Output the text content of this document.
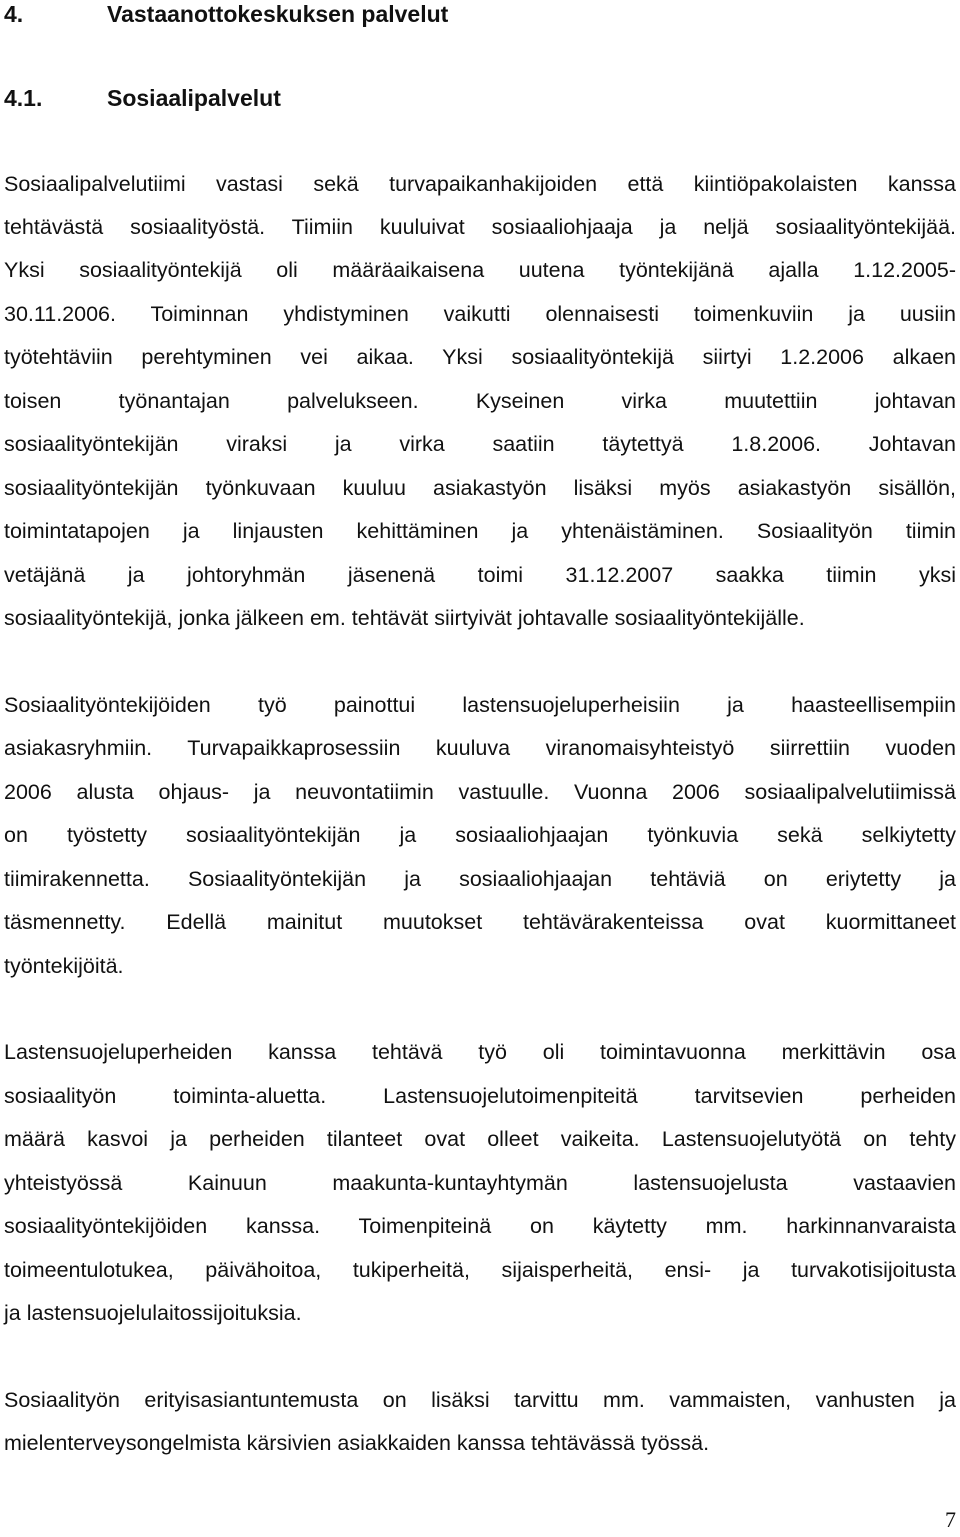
4.	Vastaanottokeskuksen palvelut
4.1.	Sosiaalipalvelut

Sosiaalipalvelutiimi vastasi sekä turvapaikanhakijoiden että kiintiöpakolaisten kanssa

tehtävästä sosiaalityöstä. Tiimiin kuuluivat sosiaaliohjaaja ja neljä sosiaalityöntekijää.

Yksi sosiaalityöntekijä oli määräaikaisena uutena työntekijänä ajalla 1.12.2005-

30.11.2006. Toiminnan yhdistyminen vaikutti olennaisesti toimenkuviin ja uusiin

työtehtäviin perehtyminen vei aikaa. Yksi sosiaalityöntekijä siirtyi 1.2.2006 alkaen

toisen työnantajan palvelukseen. Kyseinen virka muutettiin johtavan

sosiaalityöntekijän viraksi ja virka saatiin täytettyä 1.8.2006. Johtavan

sosiaalityöntekijän työnkuvaan kuuluu asiakastyön lisäksi myös asiakastyön sisällön,

toimintatapojen ja linjausten kehittäminen ja yhtenäistäminen. Sosiaalityön tiimin

vetäjänä ja johtoryhmän jäsenenä toimi 31.12.2007 saakka tiimin yksi

sosiaalityöntekijä, jonka jälkeen em. tehtävät siirtyivät johtavalle sosiaalityöntekijälle.

Sosiaalityöntekijöiden työ painottui lastensuojeluperheisiin ja haasteellisempiin

asiakasryhmiin. Turvapaikkaprosessiin kuuluva viranomaisyhteistyö siirrettiin vuoden

2006 alusta ohjaus- ja neuvontatiimin vastuulle. Vuonna 2006 sosiaalipalvelutiimissä

on työstetty sosiaalityöntekijän ja sosiaaliohjaajan työnkuvia sekä selkiytetty

tiimirakennetta. Sosiaalityöntekijän ja sosiaaliohjaajan tehtäviä on eriytetty ja

täsmennetty. Edellä mainitut muutokset tehtävärakenteissa ovat kuormittaneet

työntekijöitä.

Lastensuojeluperheiden kanssa tehtävä työ oli toimintavuonna merkittävin osa

sosiaalityön toiminta-aluetta. Lastensuojelutoimenpiteitä tarvitsevien perheiden

määrä kasvoi ja perheiden tilanteet ovat olleet vaikeita. Lastensuojelutyötä on tehty

yhteistyössä Kainuun maakunta-kuntayhtymän lastensuojelusta vastaavien

sosiaalityöntekijöiden kanssa. Toimenpiteinä on käytetty mm. harkinnanvaraista

toimeentulotukea, päivähoitoa, tukiperheitä, sijaisperheitä, ensi- ja turvakotisijoitusta

ja lastensuojelulaitossijoituksia.

Sosiaalityön erityisasiantuntemusta on lisäksi tarvittu mm. vammaisten, vanhusten ja

mielenterveysongelmista kärsivien asiakkaiden kanssa tehtävässä työssä.

7
